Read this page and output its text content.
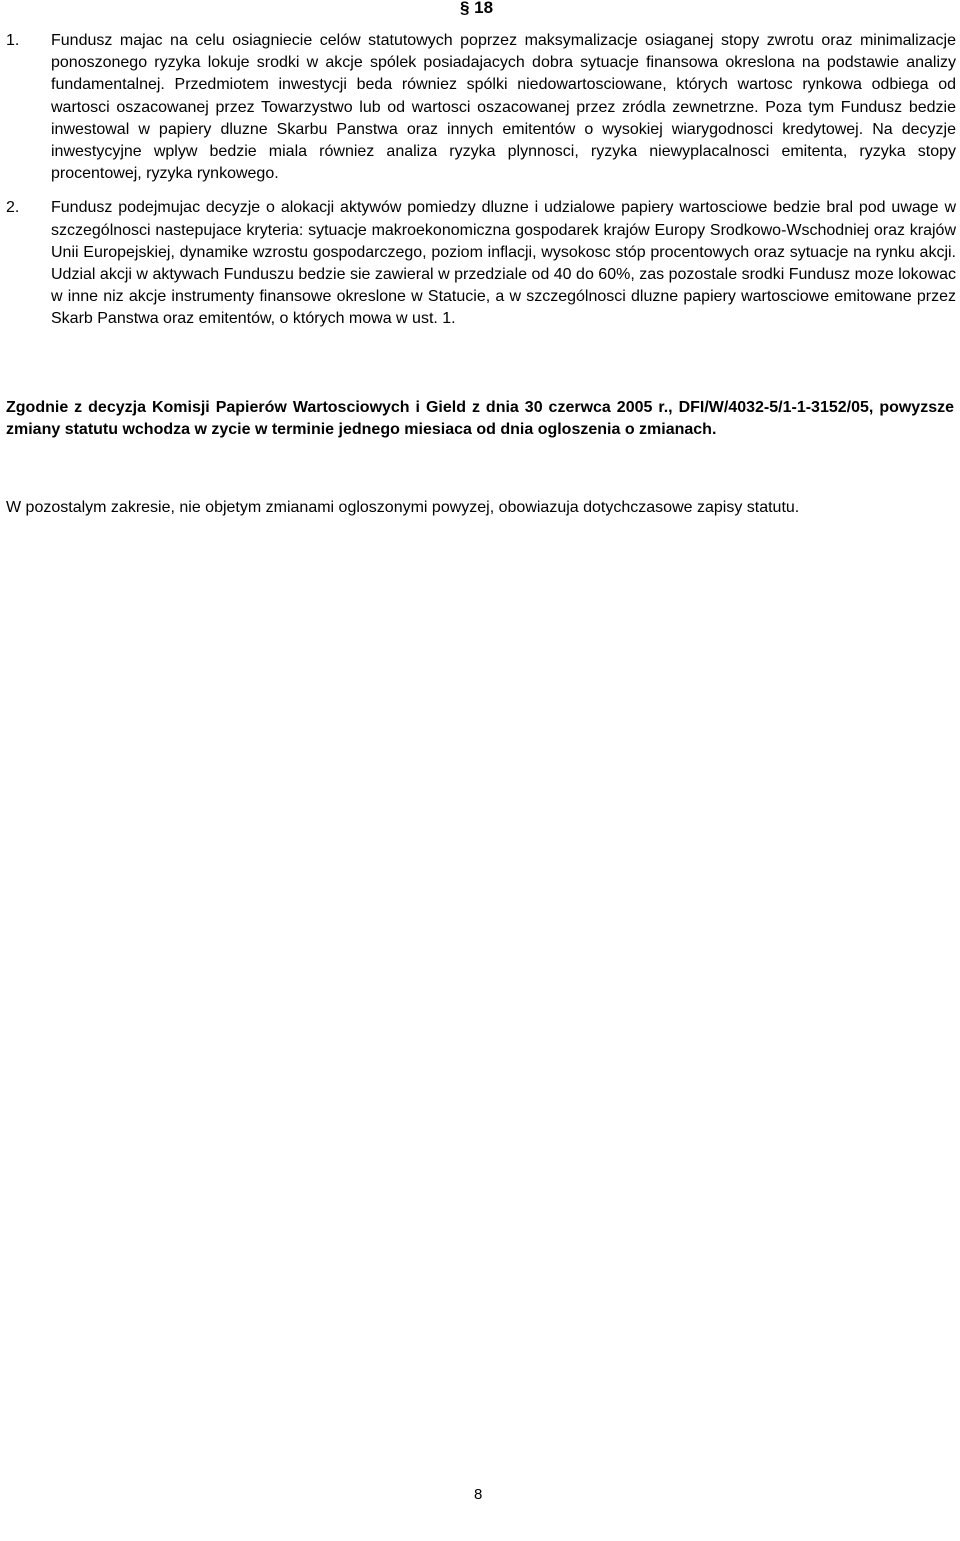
§ 18
1.	Fundusz majac na celu osiagniecie celów statutowych poprzez maksymalizacje osiaganej stopy zwrotu oraz minimalizacje ponoszonego ryzyka lokuje srodki w akcje spólek posiadajacych dobra sytuacje finansowa okreslona na podstawie analizy fundamentalnej. Przedmiotem inwestycji beda równiez spólki niedowartosciowane, których wartosc rynkowa odbiega od wartosci oszacowanej przez Towarzystwo lub od wartosci oszacowanej przez zródla zewnetrzne. Poza tym Fundusz bedzie inwestowal w papiery dluzne Skarbu Panstwa oraz innych emitentów o wysokiej wiarygodnosci kredytowej. Na decyzje inwestycyjne wplyw bedzie miala równiez analiza ryzyka plynnosci, ryzyka niewyplacalnosci emitenta, ryzyka stopy procentowej, ryzyka rynkowego.
2.	Fundusz podejmujac decyzje o alokacji aktywów pomiedzy dluzne i udzialowe papiery wartosciowe bedzie bral pod uwage w szczególnosci nastepujace kryteria: sytuacje makroekonomiczna gospodarek krajów Europy Srodkowo-Wschodniej oraz krajów Unii Europejskiej, dynamike wzrostu gospodarczego, poziom inflacji, wysokosc stóp procentowych oraz sytuacje na rynku akcji. Udzial akcji w aktywach Funduszu bedzie sie zawieral w przedziale od 40 do 60%, zas pozostale srodki Fundusz moze lokowac w inne niz akcje instrumenty finansowe okreslone w Statucie, a w szczególnosci dluzne papiery wartosciowe emitowane przez Skarb Panstwa oraz emitentów, o których mowa w ust. 1.
Zgodnie z decyzja Komisji Papierów Wartosciowych i Gield z dnia 30 czerwca 2005 r., DFI/W/4032-5/1-1-3152/05, powyzsze zmiany statutu wchodza w zycie w terminie jednego miesiaca od dnia ogloszenia o zmianach.
W pozostalym zakresie, nie objetym zmianami ogloszonymi powyzej, obowiazuja dotychczasowe zapisy statutu.
8
